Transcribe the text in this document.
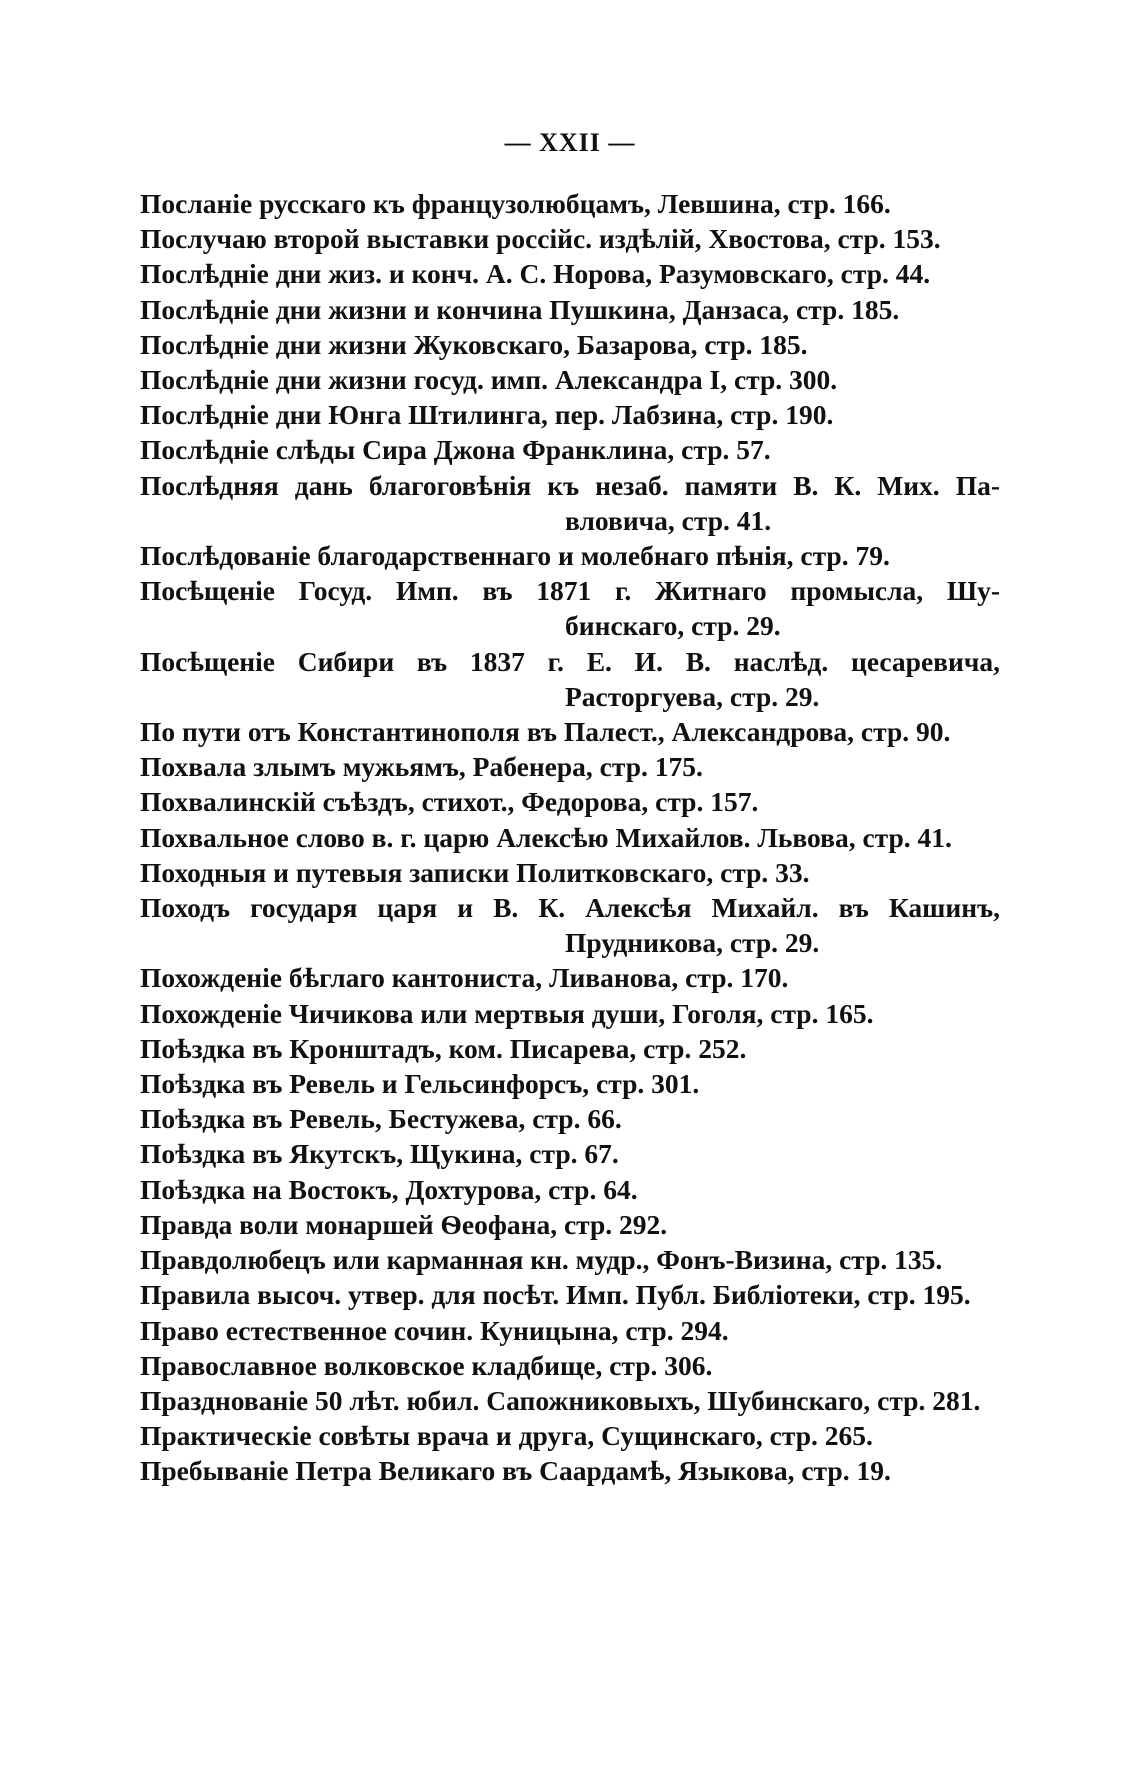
— XXII —
Посланіе русскаго къ французолюбцамъ, Левшина, стр. 166.
Послучаю второй выставки россійс. издѣлій, Хвостова, стр. 153.
Послѣдніе дни жиз. и конч. А. С. Норова, Разумовскаго, стр. 44.
Послѣдніе дни жизни и кончина Пушкина, Данзаса, стр. 185.
Послѣдніе дни жизни Жуковскаго, Базарова, стр. 185.
Послѣдніе дни жизни госуд. имп. Александра I, стр. 300.
Послѣдніе дни Юнга Штилинга, пер. Лабзина, стр. 190.
Послѣдніе слѣды Сира Джона Франклина, стр. 57.
Послѣдняя дань благоговѣнія къ незаб. памяти В. К. Мих. Па-
вловича, стр. 41.
Послѣдованіе благодарственнаго и молебнаго пѣнія, стр. 79.
Посѣщеніе Госуд. Имп. въ 1871 г. Житнаго промысла, Шу-
бинскаго, стр. 29.
Посѣщеніе Сибири въ 1837 г. Е. И. В. наслѣд. цесаревича,
Расторгуева, стр. 29.
По пути отъ Константинополя въ Палест., Александрова, стр. 90.
Похвала злымъ мужьямъ, Рабенера, стр. 175.
Похвалинскій съѣздъ, стихот., Федорова, стр. 157.
Похвальное слово в. г. царю Алексѣю Михайлов. Львова, стр. 41.
Походныя и путевыя записки Политковскаго, стр. 33.
Походъ государя царя и В. К. Алексѣя Михайл. въ Кашинъ,
Прудникова, стр. 29.
Похожденіе бѣглаго кантониста, Ливанова, стр. 170.
Похожденіе Чичикова или мертвыя души, Гоголя, стр. 165.
Поѣздка въ Кронштадъ, ком. Писарева, стр. 252.
Поѣздка въ Ревель и Гельсинфорсъ, стр. 301.
Поѣздка въ Ревель, Бестужева, стр. 66.
Поѣздка въ Якутскъ, Щукина, стр. 67.
Поѣздка на Востокъ, Дохтурова, стр. 64.
Правда воли монаршей Ѳеофана, стр. 292.
Правдолюбецъ или карманная кн. мудр., Фонъ-Визина, стр. 135.
Правила высоч. утвер. для посѣт. Имп. Публ. Библіотеки, стр. 195.
Право естественное сочин. Куницына, стр. 294.
Православное волковское кладбище, стр. 306.
Празднованіе 50 лѣт. юбил. Сапожниковыхъ, Шубинскаго, стр. 281.
Практическіе совѣты врача и друга, Сущинскаго, стр. 265.
Пребываніе Петра Великаго въ Саардамѣ, Языкова, стр. 19.
